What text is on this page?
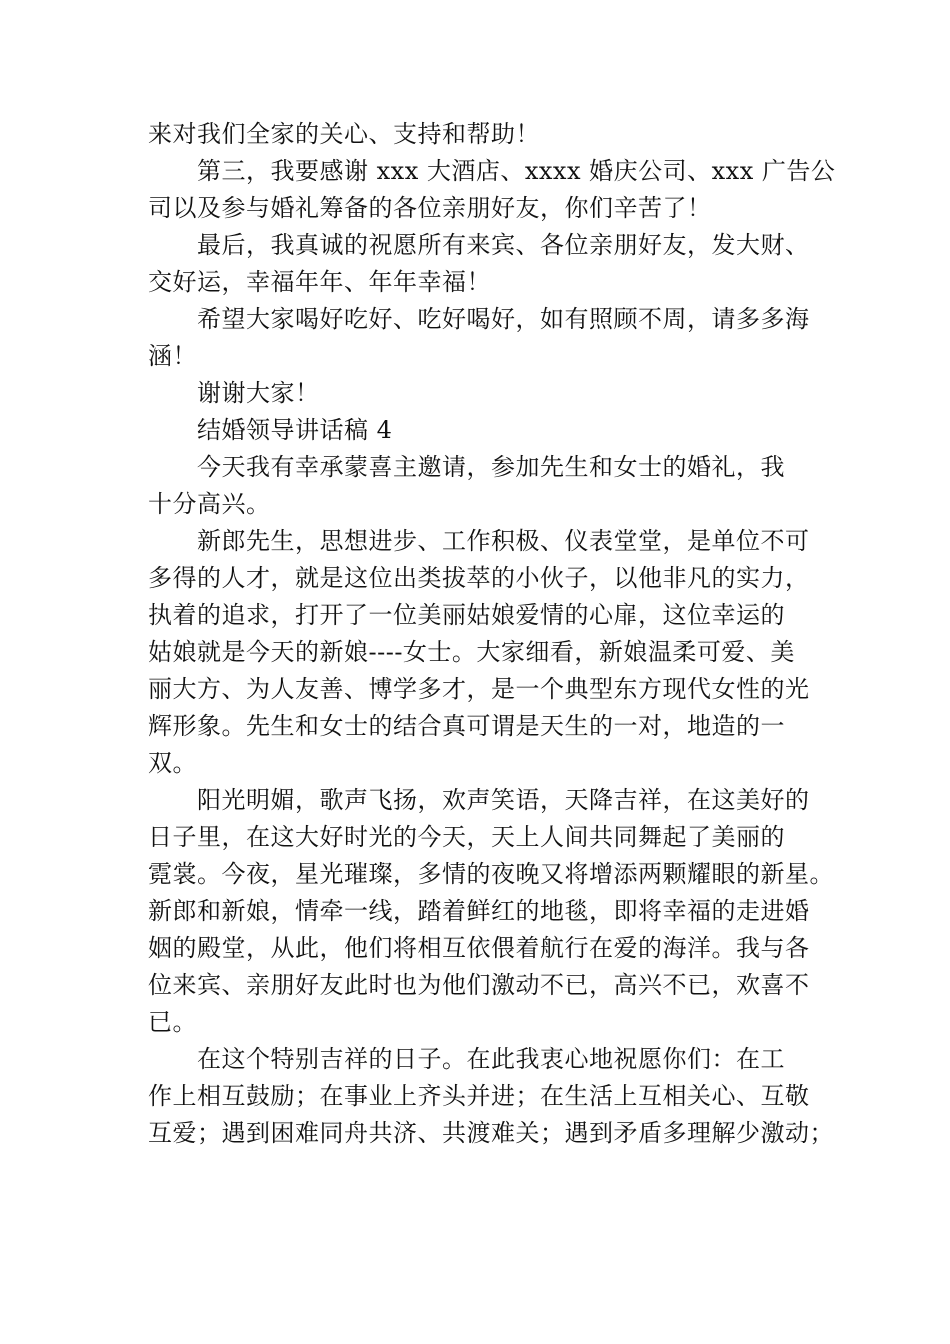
来对我们全家的关心、支持和帮助！
第三，我要感谢 xxx 大酒店、xxxx 婚庆公司、xxx 广告公
司以及参与婚礼筹备的各位亲朋好友，你们辛苦了！
最后，我真诚的祝愿所有来宾、各位亲朋好友，发大财、
交好运，幸福年年、年年幸福！
希望大家喝好吃好、吃好喝好，如有照顾不周，请多多海
涵！
谢谢大家！
结婚领导讲话稿 4
今天我有幸承蒙喜主邀请，参加先生和女士的婚礼，我
十分高兴。
新郎先生，思想进步、工作积极、仪表堂堂，是单位不可
多得的人才，就是这位出类拔萃的小伙子，以他非凡的实力，
执着的追求，打开了一位美丽姑娘爱情的心扉，这位幸运的
姑娘就是今天的新娘----女士。大家细看，新娘温柔可爱、美
丽大方、为人友善、博学多才，是一个典型东方现代女性的光
辉形象。先生和女士的结合真可谓是天生的一对，地造的一
双。
阳光明媚，歌声飞扬，欢声笑语，天降吉祥，在这美好的
日子里，在这大好时光的今天，天上人间共同舞起了美丽的
霓裳。今夜，星光璀璨，多情的夜晚又将增添两颗耀眼的新星。
新郎和新娘，情牵一线，踏着鲜红的地毯，即将幸福的走进婚
姻的殿堂，从此，他们将相互依偎着航行在爱的海洋。我与各
位来宾、亲朋好友此时也为他们激动不已，高兴不已，欢喜不
已。
在这个特别吉祥的日子。在此我衷心地祝愿你们：在工
作上相互鼓励；在事业上齐头并进；在生活上互相关心、互敬
互爱；遇到困难同舟共济、共渡难关；遇到矛盾多理解少激动；
